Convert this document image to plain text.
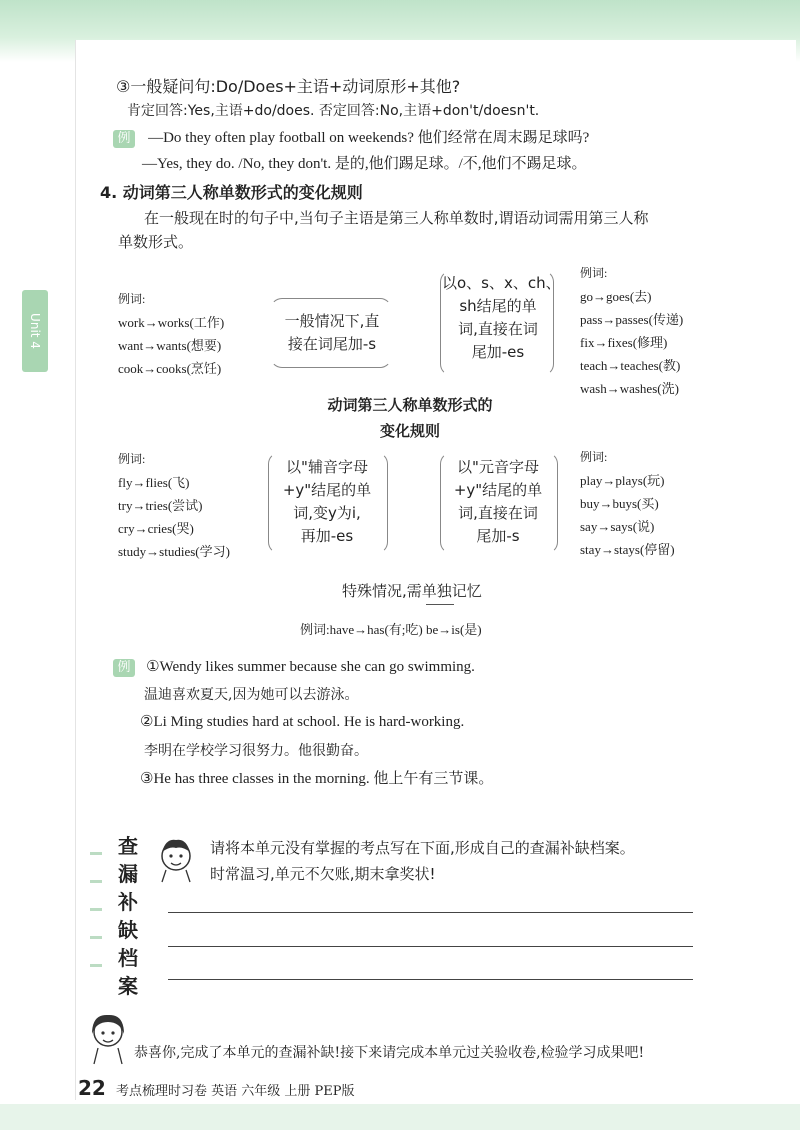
Unit 4
③一般疑问句:Do/Does+主语+动词原形+其他?
肯定回答:Yes,主语+do/does. 否定回答:No,主语+don't/doesn't.
例 —Do they often play football on weekends? 他们经常在周末踢足球吗?
—Yes, they do. /No, they don't. 是的,他们踢足球。/不,他们不踢足球。
4. 动词第三人称单数形式的变化规则
在一般现在时的句子中,当句子主语是第三人称单数时,谓语动词需用第三人称
单数形式。
例词:
work→works(工作)
want→wants(想要)
cook→cooks(烹饪)
一般情况下,直
接在词尾加-s
以o、s、x、ch、
sh结尾的单
词,直接在词
尾加-es
例词:
go→goes(去)
pass→passes(传递)
fix→fixes(修理)
teach→teaches(教)
wash→washes(洗)
动词第三人称单数形式的
变化规则
例词:
fly→flies(飞)
try→tries(尝试)
cry→cries(哭)
study→studies(学习)
以"辅音字母
+y"结尾的单
词,变y为i,
再加-es
以"元音字母
+y"结尾的单
词,直接在词
尾加-s
例词:
play→plays(玩)
buy→buys(买)
say→says(说)
stay→stays(停留)
特殊情况,需单独记忆
例词:have→has(有;吃) be→is(是)
例 ①Wendy likes summer because she can go swimming.
温迪喜欢夏天,因为她可以去游泳。
②Li Ming studies hard at school. He is hard-working.
李明在学校学习很努力。他很勤奋。
③He has three classes in the morning. 他上午有三节课。
查
漏
补
缺
档
案
请将本单元没有掌握的考点写在下面,形成自己的查漏补缺档案。
时常温习,单元不欠账,期末拿奖状!
恭喜你,完成了本单元的查漏补缺!接下来请完成本单元过关验收卷,检验学习成果吧!
22 考点梳理时习卷 英语 六年级 上册 PEP版
